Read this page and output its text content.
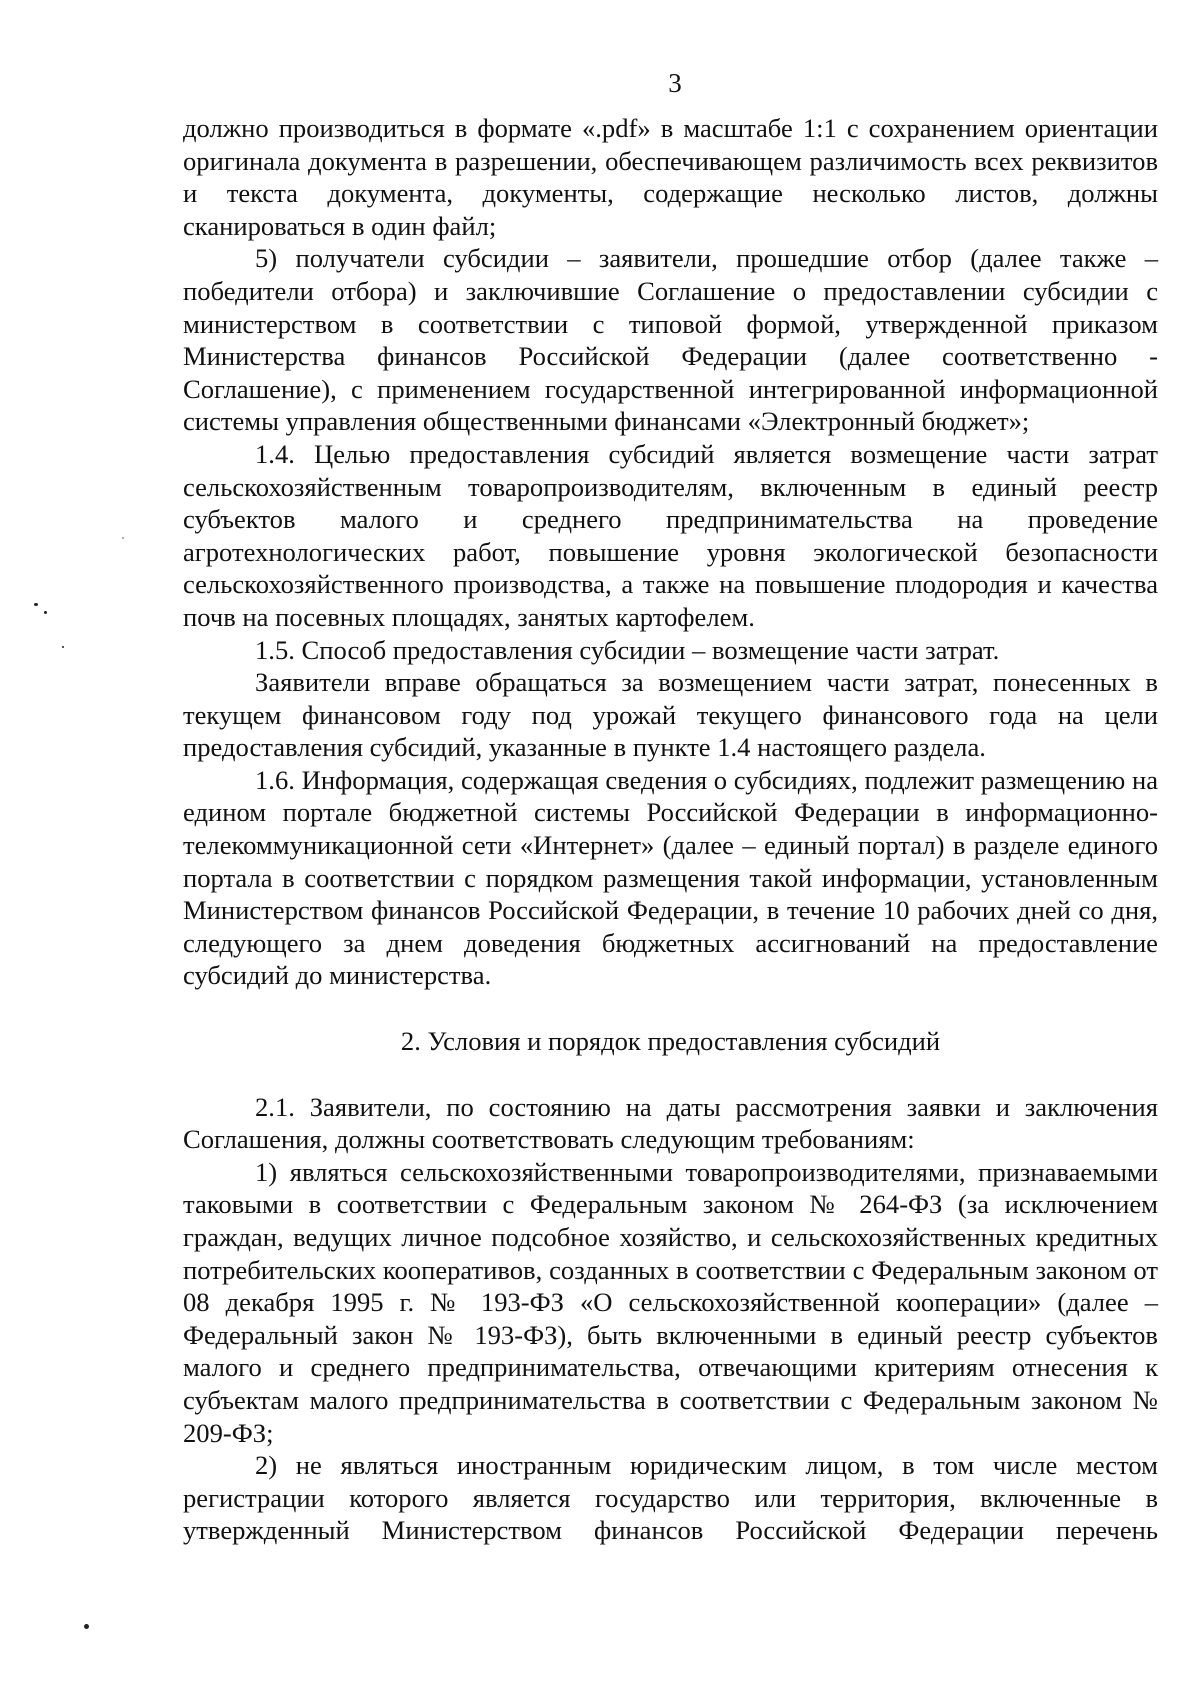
3

должно производиться в формате «.pdf» в масштабе 1:1 с сохранением ориентации оригинала документа в разрешении, обеспечивающем различимость всех реквизитов и текста документа, документы, содержащие несколько листов, должны сканироваться в один файл;

5) получатели субсидии – заявители, прошедшие отбор (далее также – победители отбора) и заключившие Соглашение о предоставлении субсидии с министерством в соответствии с типовой формой, утвержденной приказом Министерства финансов Российской Федерации (далее соответственно - Соглашение), с применением государственной интегрированной информационной системы управления общественными финансами «Электронный бюджет»;

1.4. Целью предоставления субсидий является возмещение части затрат сельскохозяйственным товаропроизводителям, включенным в единый реестр субъектов малого и среднего предпринимательства на проведение агротехнологических работ, повышение уровня экологической безопасности сельскохозяйственного производства, а также на повышение плодородия и качества почв на посевных площадях, занятых картофелем.

1.5. Способ предоставления субсидии – возмещение части затрат.

Заявители вправе обращаться за возмещением части затрат, понесенных в текущем финансовом году под урожай текущего финансового года на цели предоставления субсидий, указанные в пункте 1.4 настоящего раздела.

1.6. Информация, содержащая сведения о субсидиях, подлежит размещению на едином портале бюджетной системы Российской Федерации в информационно-телекоммуникационной сети «Интернет» (далее – единый портал) в разделе единого портала в соответствии с порядком размещения такой информации, установленным Министерством финансов Российской Федерации, в течение 10 рабочих дней со дня, следующего за днем доведения бюджетных ассигнований на предоставление субсидий до министерства.

2. Условия и порядок предоставления субсидий

2.1. Заявители, по состоянию на даты рассмотрения заявки и заключения Соглашения, должны соответствовать следующим требованиям:

1) являться сельскохозяйственными товаропроизводителями, признаваемыми таковыми в соответствии с Федеральным законом № 264-ФЗ (за исключением граждан, ведущих личное подсобное хозяйство, и сельскохозяйственных кредитных потребительских кооперативов, созданных в соответствии с Федеральным законом от 08 декабря 1995 г. № 193-ФЗ «О сельскохозяйственной кооперации» (далее – Федеральный закон № 193-ФЗ), быть включенными в единый реестр субъектов малого и среднего предпринимательства, отвечающими критериям отнесения к субъектам малого предпринимательства в соответствии с Федеральным законом № 209-ФЗ;

2) не являться иностранным юридическим лицом, в том числе местом регистрации которого является государство или территория, включенные в утвержденный Министерством финансов Российской Федерации перечень
